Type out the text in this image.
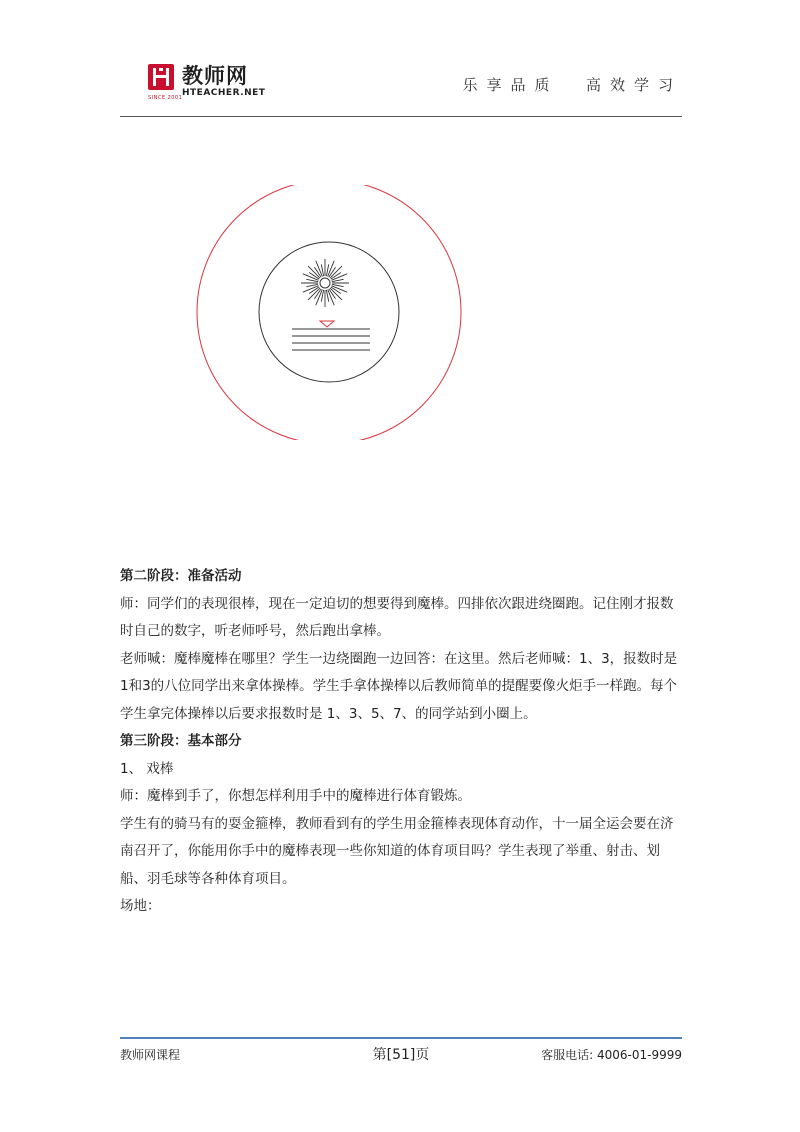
教师网
HTEACHER.NET
SINCE 2001
乐享品质  高效学习

第二阶段：准备活动

师：同学们的表现很棒，现在一定迫切的想要得到魔棒。四排依次跟进绕圈跑。记住刚才报数时自己的数字，听老师呼号，然后跑出拿棒。

老师喊：魔棒魔棒在哪里？学生一边绕圈跑一边回答：在这里。然后老师喊：1、3，报数时是1和3的八位同学出来拿体操棒。学生手拿体操棒以后教师简单的提醒要像火炬手一样跑。每个学生拿完体操棒以后要求报数时是 1、3、5、7、的同学站到小圈上。

第三阶段：基本部分

1、 戏棒

师：魔棒到手了，你想怎样利用手中的魔棒进行体育锻炼。

学生有的骑马有的耍金箍棒，教师看到有的学生用金箍棒表现体育动作，十一届全运会要在济南召开了，你能用你手中的魔棒表现一些你知道的体育项目吗？学生表现了举重、射击、划船、羽毛球等各种体育项目。

场地：

教师网课程	第[51]页	客服电话: 4006-01-9999
